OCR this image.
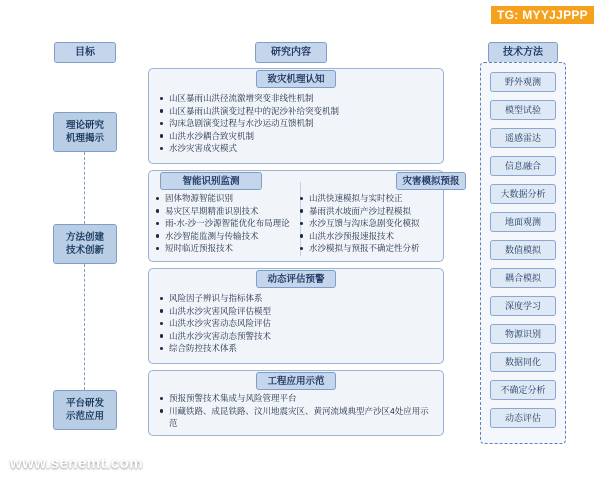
TG: MYYJJPPP
www.senemt.com
目标	研究内容	技术方法
理论研究
机理揭示
方法创建
技术创新
平台研发
示范应用
致灾机理认知
山区暴雨山洪径流激增突变非线性机制
山区暴雨山洪演变过程中的泥沙补给突变机制
沟床急剧演变过程与水沙运动互馈机制
山洪水沙耦合致灾机制
水沙灾害成灾模式
智能识别监测	灾害模拟预报
固体物源智能识别
易灾区早期精准识别技术
雨-水-沙一沙源智能优化布局理论
水沙智能监测与传输技术
短时临近预报技术
山洪快速模拟与实时校正
暴雨洪水坡面产沙过程模拟
水沙互馈与沟床急剧变化模拟
山洪水沙预报速报技术
水沙模拟与预报不确定性分析
动态评估预警
风险因子辨识与指标体系
山洪水沙灾害风险评估模型
山洪水沙灾害动态风险评估
山洪水沙灾害动态预警技术
综合防控技术体系
工程应用示范
预报预警技术集成与风险管理平台
川藏铁路、成昆铁路、汶川地震灾区、黄河流域典型产沙区4处应用示范
野外观测
模型试验
遥感雷达
信息融合
大数据分析
地面观测
数值模拟
耦合模拟
深度学习
物源识别
数据同化
不确定分析
动态评估
